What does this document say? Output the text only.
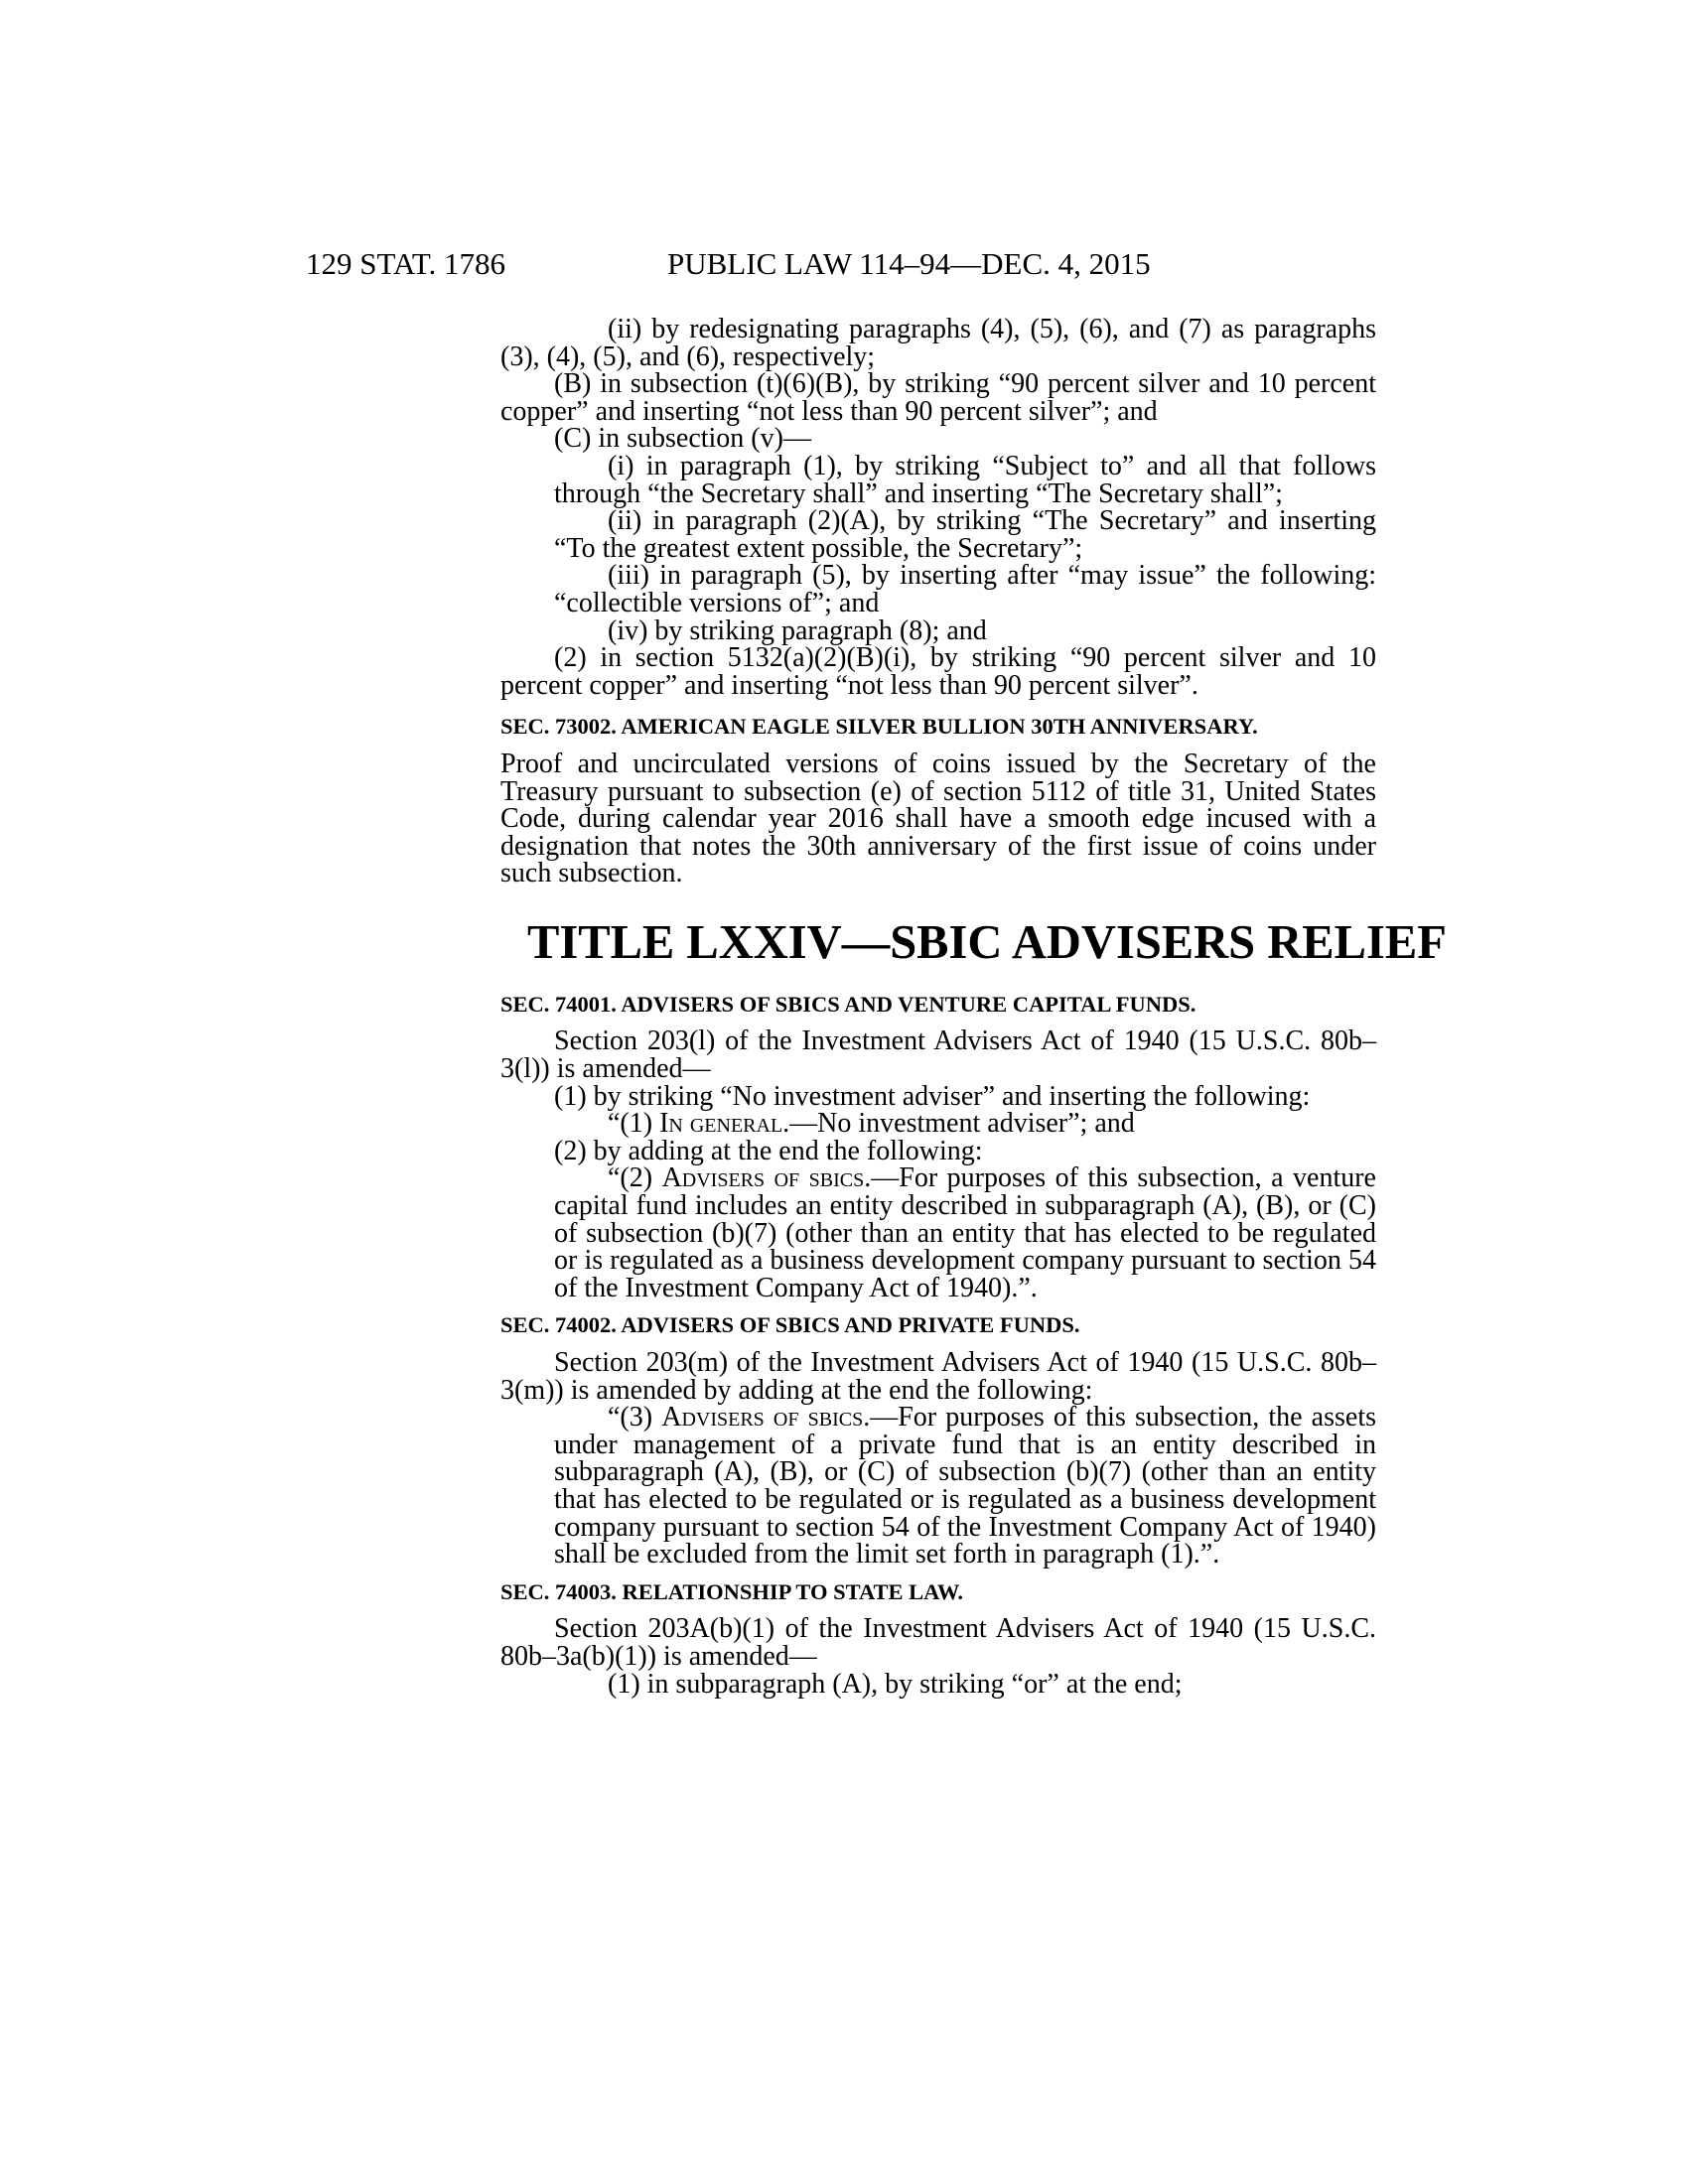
129 STAT. 1786	PUBLIC LAW 114–94—DEC. 4, 2015

(ii) by redesignating paragraphs (4), (5), (6), and (7) as paragraphs (3), (4), (5), and (6), respectively;

(B) in subsection (t)(6)(B), by striking “90 percent silver and 10 percent copper” and inserting “not less than 90 percent silver”; and

(C) in subsection (v)—

(i) in paragraph (1), by striking “Subject to” and all that follows through “the Secretary shall” and inserting “The Secretary shall”;

(ii) in paragraph (2)(A), by striking “The Secretary” and inserting “To the greatest extent possible, the Secretary”;

(iii) in paragraph (5), by inserting after “may issue” the following: “collectible versions of”; and

(iv) by striking paragraph (8); and

(2) in section 5132(a)(2)(B)(i), by striking “90 percent silver and 10 percent copper” and inserting “not less than 90 percent silver”.

SEC. 73002. AMERICAN EAGLE SILVER BULLION 30TH ANNIVERSARY.

Proof and uncirculated versions of coins issued by the Secretary of the Treasury pursuant to subsection (e) of section 5112 of title 31, United States Code, during calendar year 2016 shall have a smooth edge incused with a designation that notes the 30th anniversary of the first issue of coins under such subsection.

TITLE LXXIV—SBIC ADVISERS RELIEF

SEC. 74001. ADVISERS OF SBICS AND VENTURE CAPITAL FUNDS.

Section 203(l) of the Investment Advisers Act of 1940 (15 U.S.C. 80b–3(l)) is amended—

(1) by striking “No investment adviser” and inserting the following:

“(1) In general.—No investment adviser”; and

(2) by adding at the end the following:

“(2) Advisers of sbics.—For purposes of this subsection, a venture capital fund includes an entity described in subparagraph (A), (B), or (C) of subsection (b)(7) (other than an entity that has elected to be regulated or is regulated as a business development company pursuant to section 54 of the Investment Company Act of 1940).”.

SEC. 74002. ADVISERS OF SBICS AND PRIVATE FUNDS.

Section 203(m) of the Investment Advisers Act of 1940 (15 U.S.C. 80b–3(m)) is amended by adding at the end the following:

“(3) Advisers of sbics.—For purposes of this subsection, the assets under management of a private fund that is an entity described in subparagraph (A), (B), or (C) of subsection (b)(7) (other than an entity that has elected to be regulated or is regulated as a business development company pursuant to section 54 of the Investment Company Act of 1940) shall be excluded from the limit set forth in paragraph (1).”.

SEC. 74003. RELATIONSHIP TO STATE LAW.

Section 203A(b)(1) of the Investment Advisers Act of 1940 (15 U.S.C. 80b–3a(b)(1)) is amended—

(1) in subparagraph (A), by striking “or” at the end;
